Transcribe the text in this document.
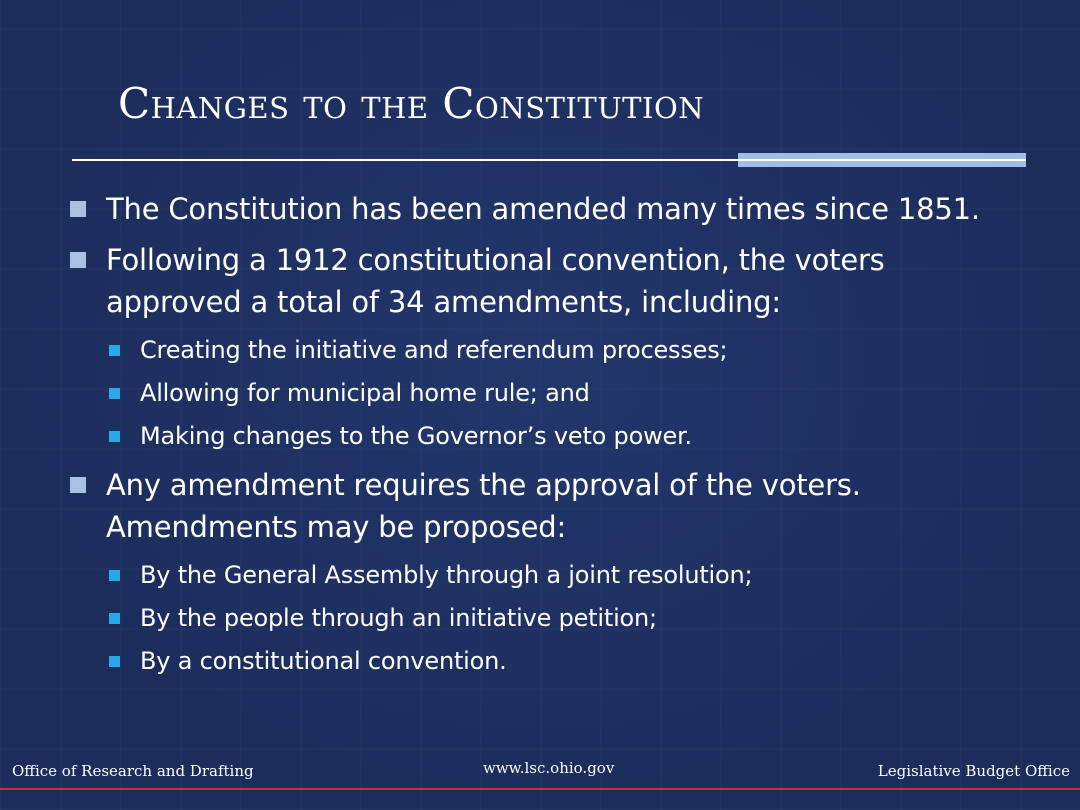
Changes to the Constitution
The Constitution has been amended many times since 1851.
Following a 1912 constitutional convention, the voters approved a total of 34 amendments, including:
Creating the initiative and referendum processes;
Allowing for municipal home rule; and
Making changes to the Governor’s veto power.
Any amendment requires the approval of the voters. Amendments may be proposed:
By the General Assembly through a joint resolution;
By the people through an initiative petition;
By a constitutional convention.
Office of Research and Drafting	www.lsc.ohio.gov	Legislative Budget Office
